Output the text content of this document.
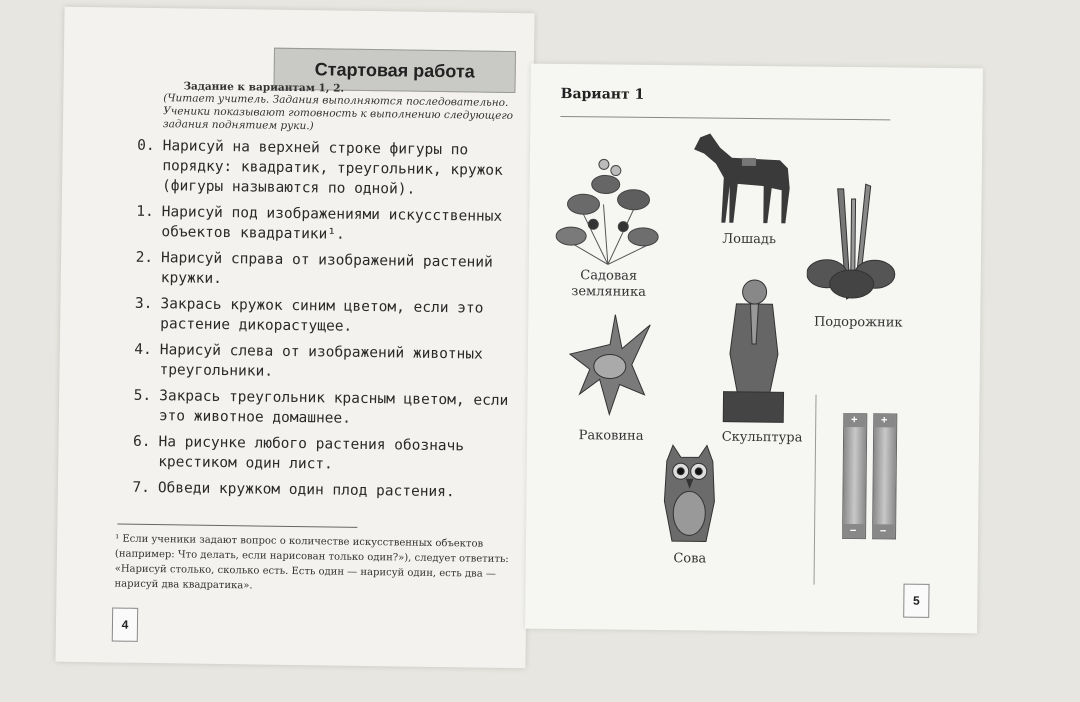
Стартовая работа
Задание к вариантам 1, 2.
(Читает учитель. Задания выполняются последовательно. Ученики показывают готовность к выполнению следующего задания поднятием руки.)
0. Нарисуй на верхней строке фигуры по порядку: квадратик, треугольник, кружок (фигуры называются по одной).
1. Нарисуй под изображениями искусственных объектов квадратики¹.
2. Нарисуй справа от изображений растений кружки.
3. Закрась кружок синим цветом, если это растение дикорастущее.
4. Нарисуй слева от изображений животных треугольники.
5. Закрась треугольник красным цветом, если это животное домашнее.
6. На рисунке любого растения обозначь крестиком один лист.
7. Обведи кружком один плод растения.
¹ Если ученики задают вопрос о количестве искусственных объектов (например: Что делать, если нарисован только один?»), следует ответить: «Нарисуй столько, сколько есть. Есть один — нарисуй один, есть два — нарисуй два квадратика».
4
Вариант 1
Садовая земляника
Лошадь
Подорожник
Раковина	Скульптура
Сова
+
−
+
−
5
